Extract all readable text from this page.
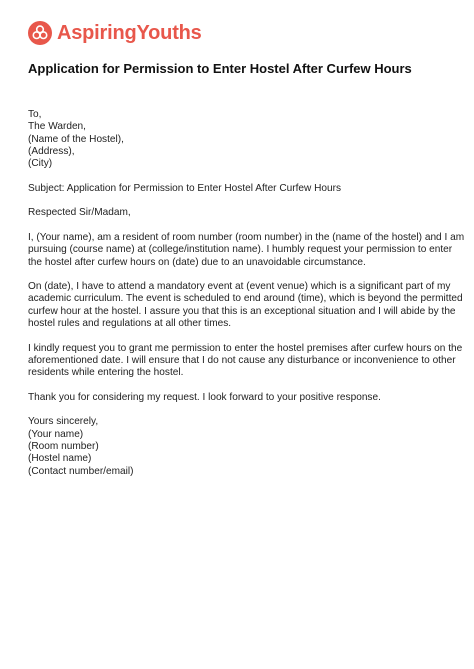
AspiringYouths
Application for Permission to Enter Hostel After Curfew Hours
To,
The Warden,
(Name of the Hostel),
(Address),
(City)
Subject: Application for Permission to Enter Hostel After Curfew Hours
Respected Sir/Madam,
I, (Your name), am a resident of room number (room number) in the (name of the hostel) and I am
pursuing (course name) at (college/institution name). I humbly request your permission to enter
the hostel after curfew hours on (date) due to an unavoidable circumstance.
On (date), I have to attend a mandatory event at (event venue) which is a significant part of my
academic curriculum. The event is scheduled to end around (time), which is beyond the permitted
curfew hour at the hostel. I assure you that this is an exceptional situation and I will abide by the
hostel rules and regulations at all other times.
I kindly request you to grant me permission to enter the hostel premises after curfew hours on the
aforementioned date. I will ensure that I do not cause any disturbance or inconvenience to other
residents while entering the hostel.
Thank you for considering my request. I look forward to your positive response.
Yours sincerely,
(Your name)
(Room number)
(Hostel name)
(Contact number/email)
